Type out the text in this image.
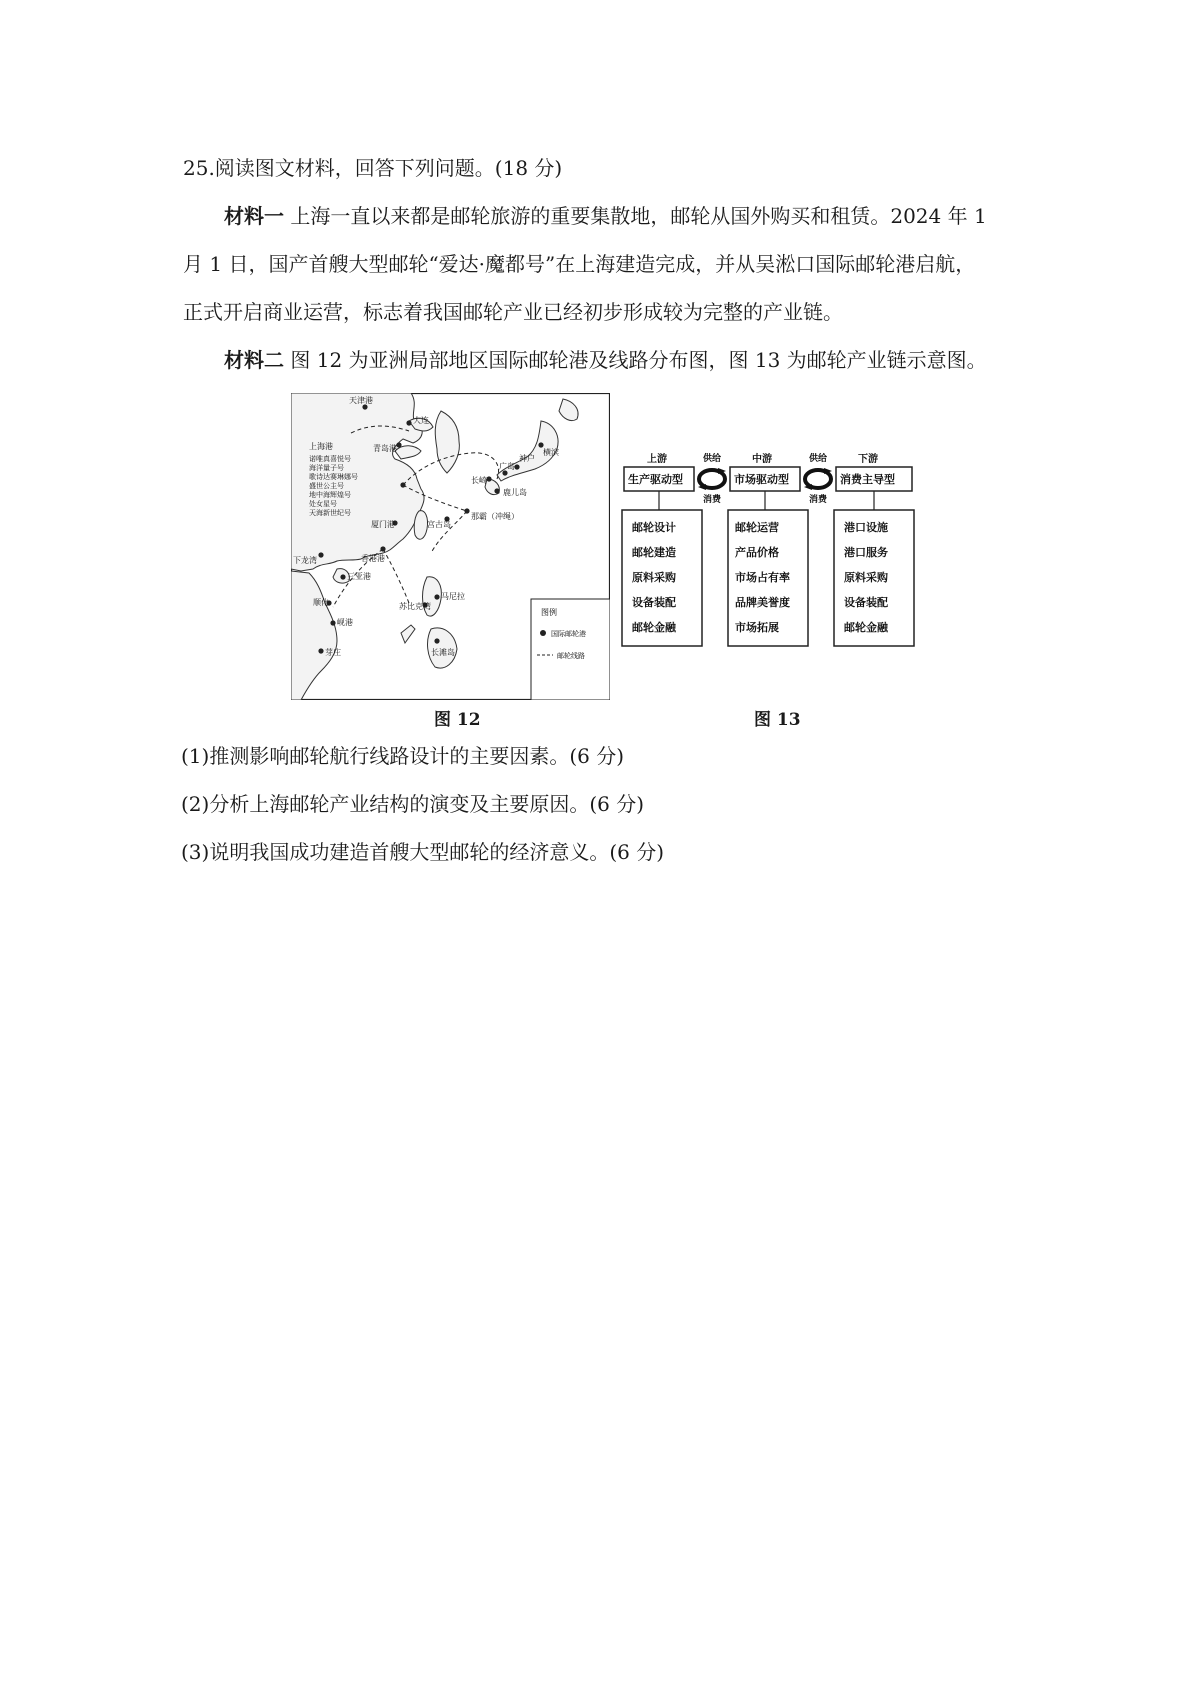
25.阅读图文材料，回答下列问题。(18 分)
材料一 上海一直以来都是邮轮旅游的重要集散地，邮轮从国外购买和租赁。2024 年 1
月 1 日，国产首艘大型邮轮“爱达·魔都号”在上海建造完成，并从吴淞口国际邮轮港启航，
正式开启商业运营，标志着我国邮轮产业已经初步形成较为完整的产业链。
材料二 图 12 为亚洲局部地区国际邮轮港及线路分布图，图 13 为邮轮产业链示意图。
天津港
大连
青岛港
广岛
神户
长崎
鹿儿岛
横滨
厦门港	宫古岛
那霸（冲绳）
香港港
下龙湾
三亚港
顺化
岘港
芽庄
苏比克湾
马尼拉
长滩岛
上海港
诺唯真喜悦号
海洋量子号
歌诗达赛琳娜号
盛世公主号
地中海辉煌号
处女星号
天海新世纪号
图例
国际邮轮港
邮轮线路
图 12
上游	中游	下游
生产驱动型	市场驱动型	消费主导型
供给
消费
供给
消费
邮轮设计
邮轮建造
原料采购
设备装配
邮轮金融
邮轮运营
产品价格
市场占有率
品牌美誉度
市场拓展
港口设施
港口服务
原料采购
设备装配
邮轮金融
图 13
(1)推测影响邮轮航行线路设计的主要因素。(6 分)
(2)分析上海邮轮产业结构的演变及主要原因。(6 分)
(3)说明我国成功建造首艘大型邮轮的经济意义。(6 分)
